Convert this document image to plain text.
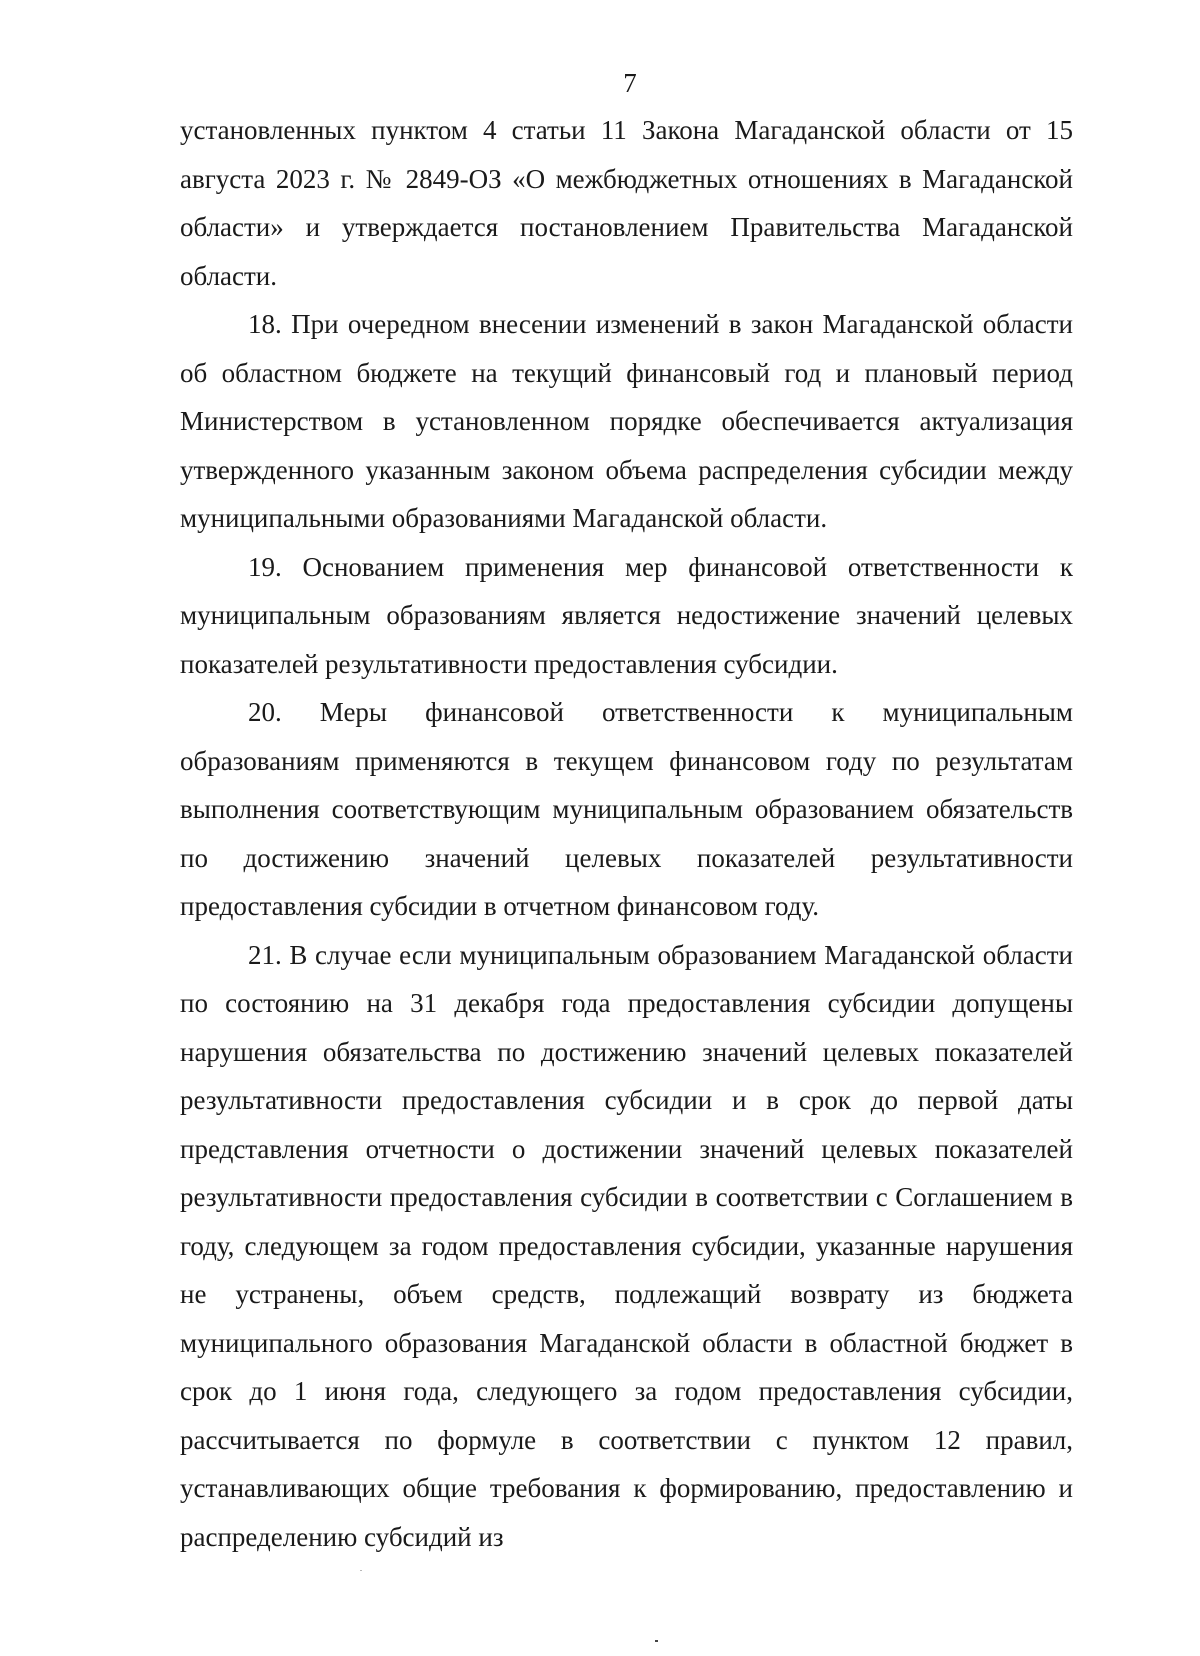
7

установленных пунктом 4 статьи 11 Закона Магаданской области от 15 августа 2023 г. № 2849-ОЗ «О межбюджетных отношениях в Магаданской области» и утверждается постановлением Правительства Магаданской области.

18. При очередном внесении изменений в закон Магаданской области об областном бюджете на текущий финансовый год и плановый период Министерством в установленном порядке обеспечивается актуализация утвержденного указанным законом объема распределения субсидии между муниципальными образованиями Магаданской области.

19. Основанием применения мер финансовой ответственности к муниципальным образованиям является недостижение значений целевых показателей результативности предоставления субсидии.

20. Меры финансовой ответственности к муниципальным образованиям применяются в текущем финансовом году по результатам выполнения соответствующим муниципальным образованием обязательств по достижению значений целевых показателей результативности предоставления субсидии в отчетном финансовом году.

21. В случае если муниципальным образованием Магаданской области по состоянию на 31 декабря года предоставления субсидии допущены нарушения обязательства по достижению значений целевых показателей результативности предоставления субсидии и в срок до первой даты представления отчетности о достижении значений целевых показателей результативности предоставления субсидии в соответствии с Соглашением в году, следующем за годом предоставления субсидии, указанные нарушения не устранены, объем средств, подлежащий возврату из бюджета муниципального образования Магаданской области в областной бюджет в срок до 1 июня года, следующего за годом предоставления субсидии, рассчитывается по формуле в соответствии с пунктом 12 правил, устанавливающих общие требования к формированию, предоставлению и распределению субсидий из
